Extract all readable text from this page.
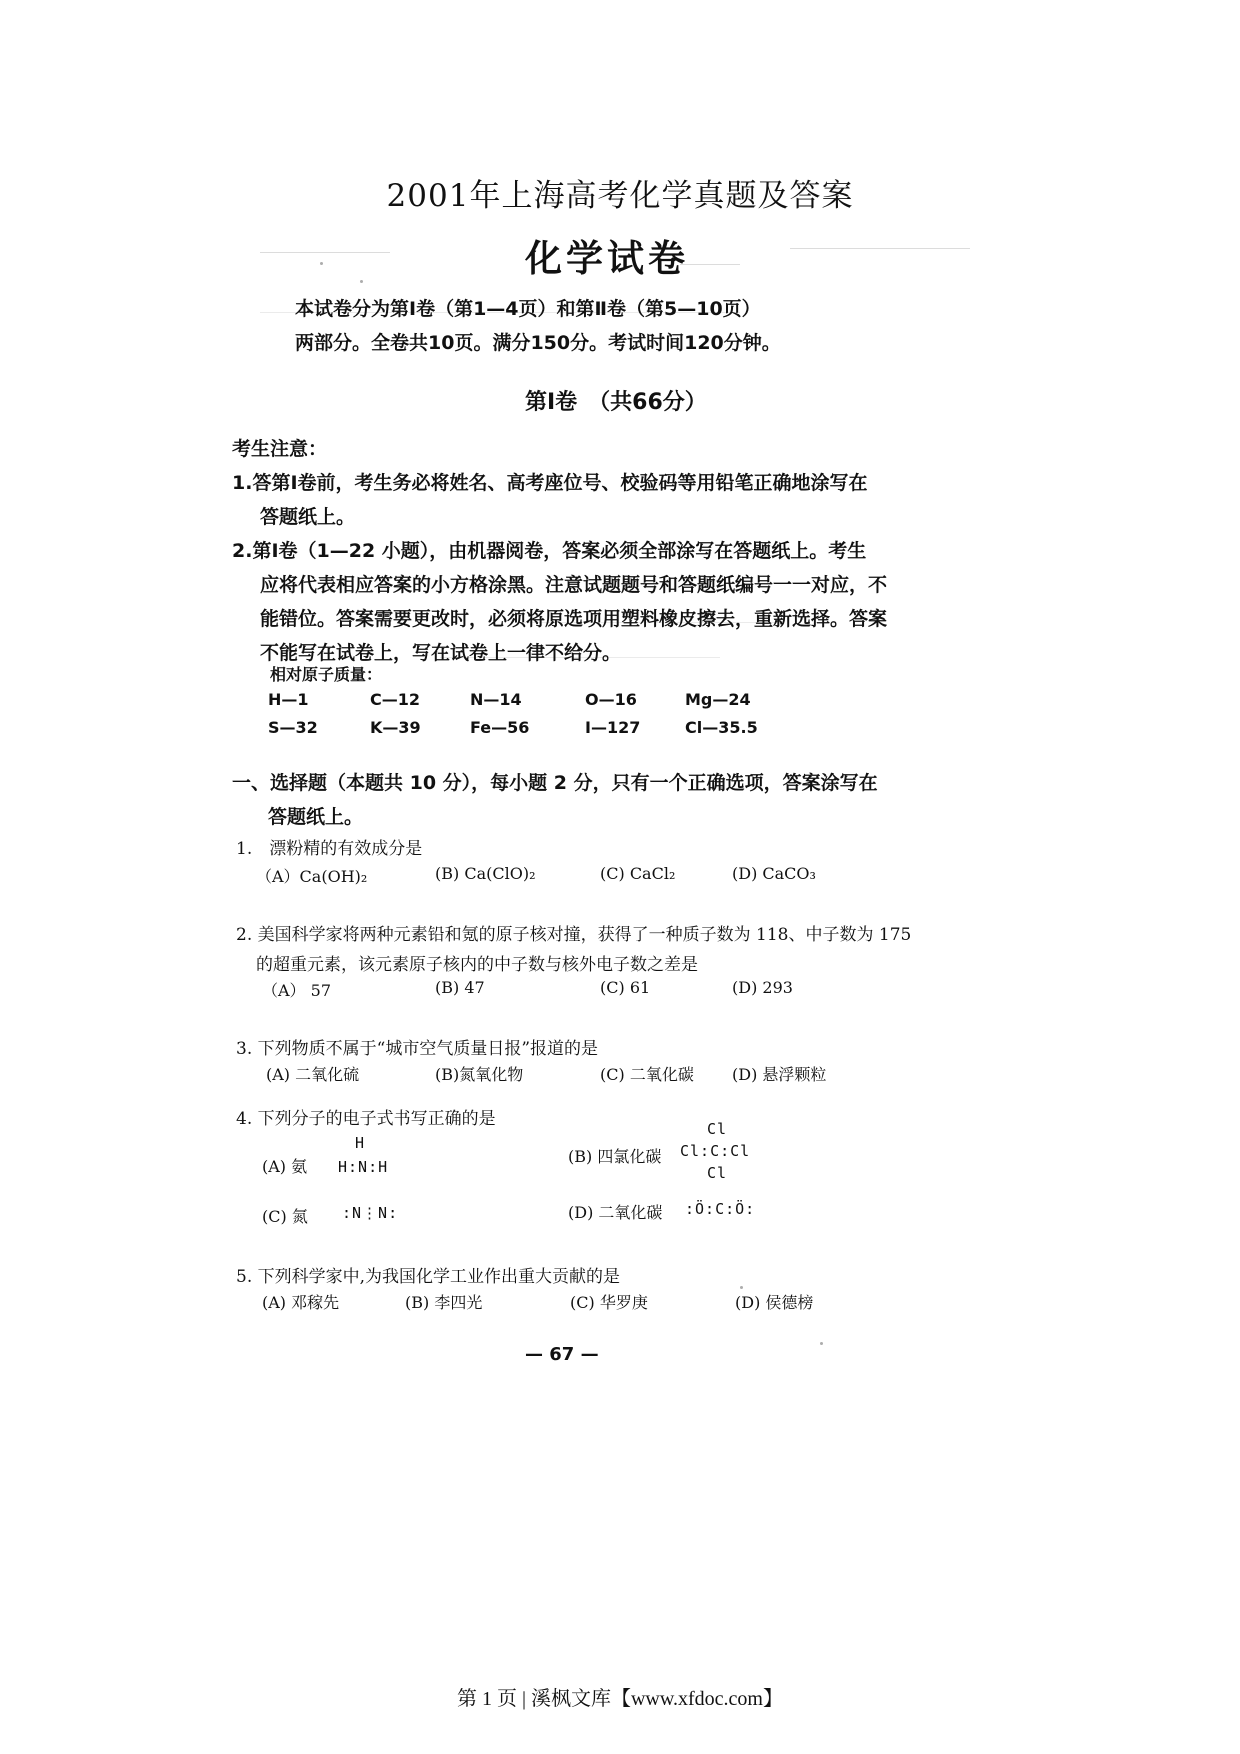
2001年上海高考化学真题及答案
化学试卷
本试卷分为第Ⅰ卷（第1—4页）和第Ⅱ卷（第5—10页）
两部分。全卷共10页。满分150分。考试时间120分钟。
第Ⅰ卷　（共66分）
考生注意：
1.答第Ⅰ卷前，考生务必将姓名、高考座位号、校验码等用铅笔正确地涂写在
答题纸上。
2.第Ⅰ卷（1—22 小题），由机器阅卷，答案必须全部涂写在答题纸上。考生
应将代表相应答案的小方格涂黑。注意试题题号和答题纸编号一一对应，不
能错位。答案需要更改时，必须将原选项用塑料橡皮擦去，重新选择。答案
不能写在试卷上，写在试卷上一律不给分。
相对原子质量：
H—1	C—12	N—14	O—16	Mg—24
S—32	K—39	Fe—56	I—127	Cl—35.5
一、选择题（本题共 10 分），每小题 2 分，只有一个正确选项，答案涂写在
答题纸上。
1.　漂粉精的有效成分是
（A）Ca(OH)₂	(B) Ca(ClO)₂	(C) CaCl₂	(D) CaCO₃
2. 美国科学家将两种元素铅和氪的原子核对撞，获得了一种质子数为 118、中子数为 175
的超重元素，该元素原子核内的中子数与核外电子数之差是
（A） 57	(B) 47	(C) 61	(D) 293
3. 下列物质不属于“城市空气质量日报”报道的是
(A) 二氧化硫	(B)氮氧化物	(C) 二氧化碳 (D) 悬浮颗粒
4. 下列分子的电子式书写正确的是
(A) 氨
H
H:N:H
(B) 四氯化碳
Cl
Cl:C:Cl
Cl
(C) 氮 :N⋮N:	(D) 二氧化碳 :Ö:C:Ö:
5. 下列科学家中,为我国化学工业作出重大贡献的是
(A) 邓稼先	(B) 李四光	(C) 华罗庚	(D) 侯德榜
— 67 —
第 1 页 | 溪枫文库【www.xfdoc.com】
